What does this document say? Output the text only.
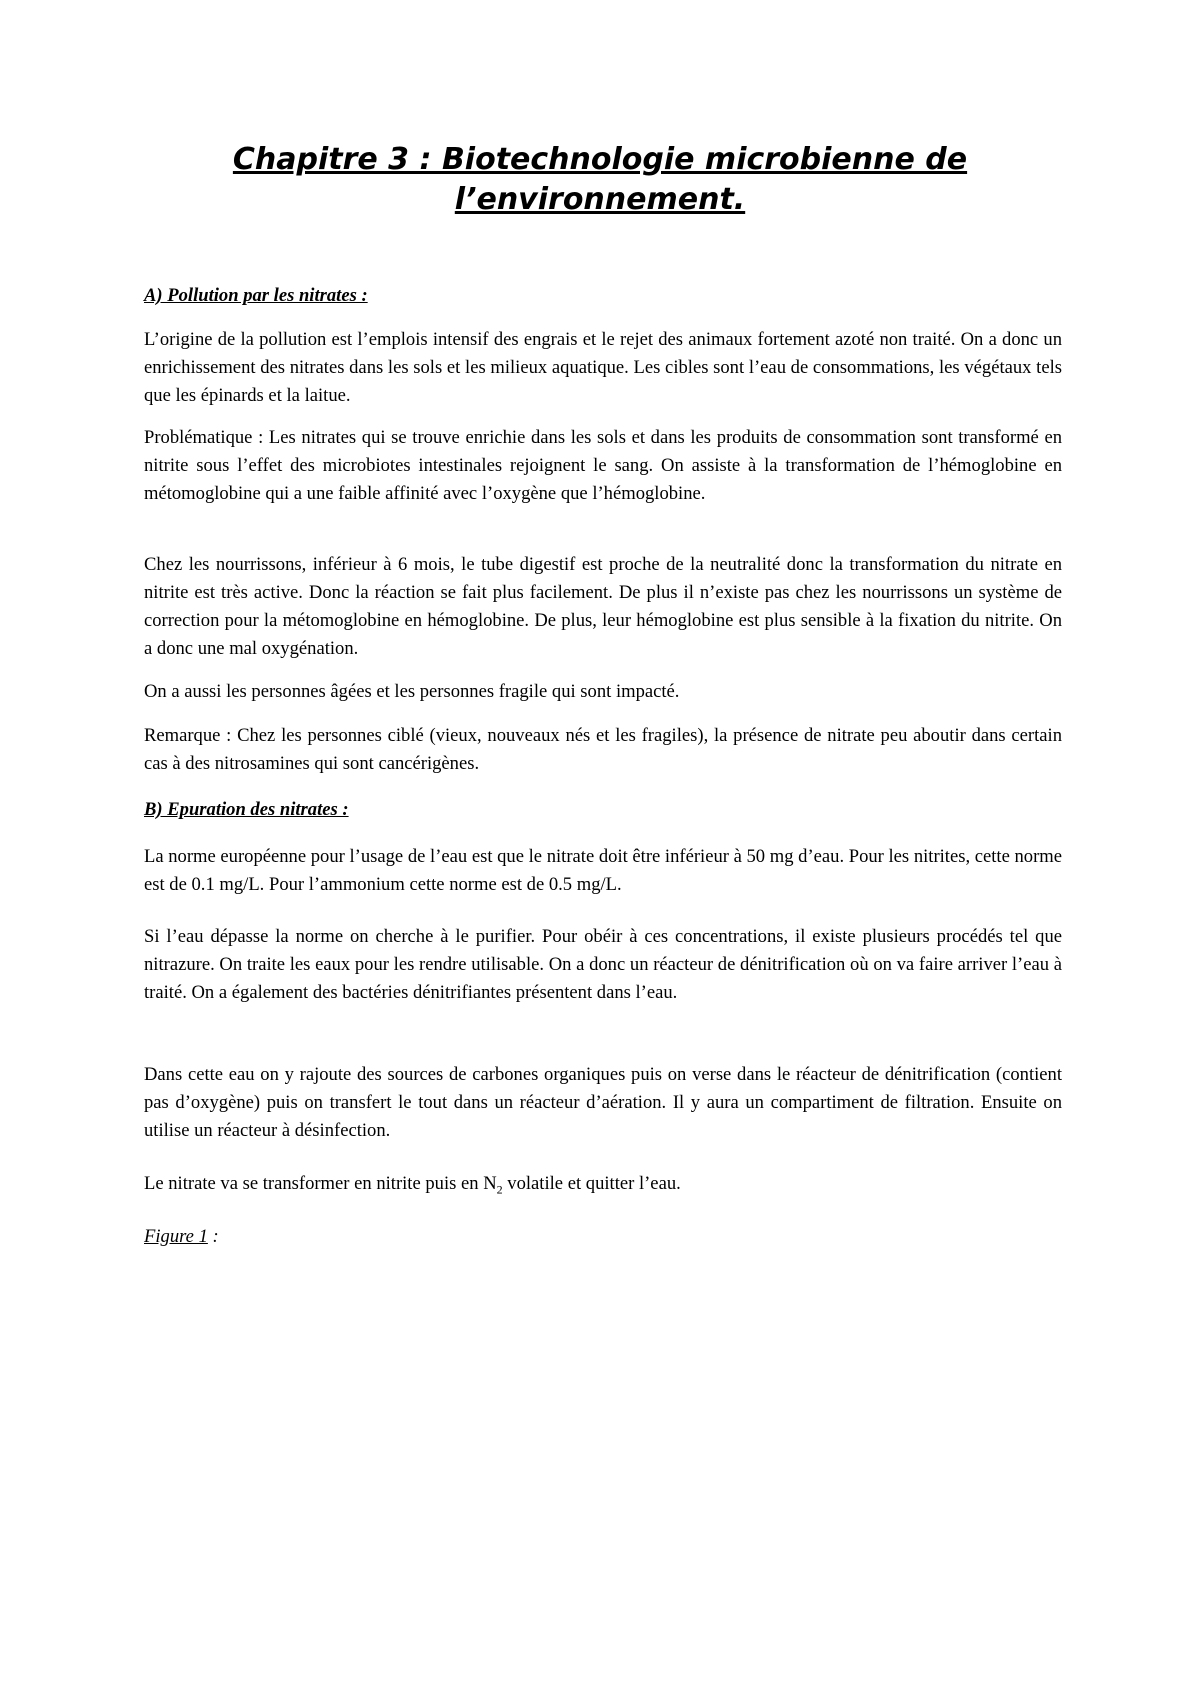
Chapitre 3 : Biotechnologie microbienne de
l’environnement.

A) Pollution par les nitrates :

L’origine de la pollution est l’emplois intensif des engrais et le rejet des animaux fortement azoté non traité. On a donc un enrichissement des nitrates dans les sols et les milieux aquatique. Les cibles sont l’eau de consommations, les végétaux tels que les épinards et la laitue.

Problématique : Les nitrates qui se trouve enrichie dans les sols et dans les produits de consommation sont transformé en nitrite sous l’effet des microbiotes intestinales rejoignent le sang. On assiste à la transformation de l’hémoglobine en métomoglobine qui a une faible affinité avec l’oxygène que l’hémoglobine.

Chez les nourrissons, inférieur à 6 mois, le tube digestif est proche de la neutralité donc la transformation du nitrate en nitrite est très active. Donc la réaction se fait plus facilement. De plus il n’existe pas chez les nourrissons un système de correction pour la métomoglobine en hémoglobine. De plus, leur hémoglobine est plus sensible à la fixation du nitrite. On a donc une mal oxygénation.

On a aussi les personnes âgées et les personnes fragile qui sont impacté.

Remarque : Chez les personnes ciblé (vieux, nouveaux nés et les fragiles), la présence de nitrate peu aboutir dans certain cas à des nitrosamines qui sont cancérigènes.

B) Epuration des nitrates :

La norme européenne pour l’usage de l’eau est que le nitrate doit être inférieur à 50 mg d’eau. Pour les nitrites, cette norme est de 0.1 mg/L. Pour l’ammonium cette norme est de 0.5 mg/L.

Si l’eau dépasse la norme on cherche à le purifier. Pour obéir à ces concentrations, il existe plusieurs procédés tel que nitrazure. On traite les eaux pour les rendre utilisable. On a donc un réacteur de dénitrification où on va faire arriver l’eau à traité. On a également des bactéries dénitrifiantes présentent dans l’eau.

Dans cette eau on y rajoute des sources de carbones organiques puis on verse dans le réacteur de dénitrification (contient pas d’oxygène) puis on transfert le tout dans un réacteur d’aération. Il y aura un compartiment de filtration. Ensuite on utilise un réacteur à désinfection.

Le nitrate va se transformer en nitrite puis en $N_2$ volatile et quitter l’eau.

Figure 1 :
